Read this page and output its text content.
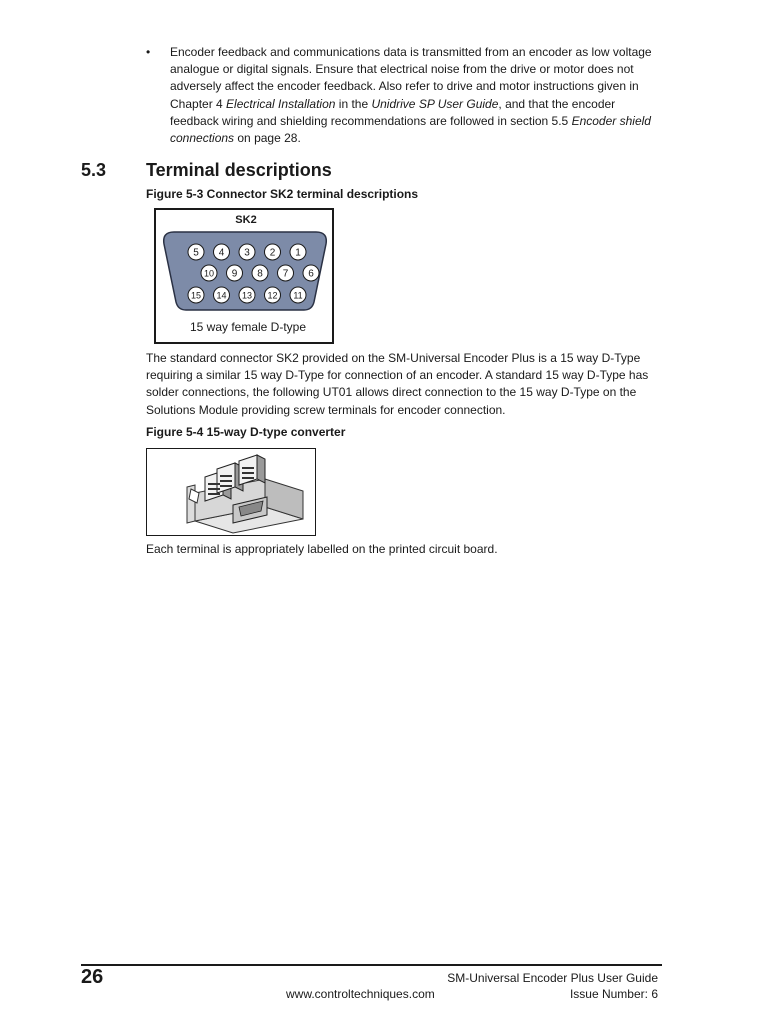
• Encoder feedback and communications data is transmitted from an encoder as low voltage analogue or digital signals. Ensure that electrical noise from the drive or motor does not adversely affect the encoder feedback. Also refer to drive and motor instructions given in Chapter 4 Electrical Installation in the Unidrive SP User Guide, and that the encoder feedback wiring and shielding recommendations are followed in section 5.5 Encoder shield connections on page 28.
5.3 Terminal descriptions
Figure 5-3 Connector SK2 terminal descriptions
SK2
5 4 3 2 1
10 9 8 7 6
15 14 13 12 11
15 way female D-type
The standard connector SK2 provided on the SM-Universal Encoder Plus is a 15 way D-Type requiring a similar 15 way D-Type for connection of an encoder. A standard 15 way D-Type has solder connections, the following UT01 allows direct connection to the 15 way D-Type on the Solutions Module providing screw terminals for encoder connection.
Figure 5-4 15-way D-type converter
Each terminal is appropriately labelled on the printed circuit board.
26	SM-Universal Encoder Plus User Guide
www.controltechniques.com	Issue Number: 6
